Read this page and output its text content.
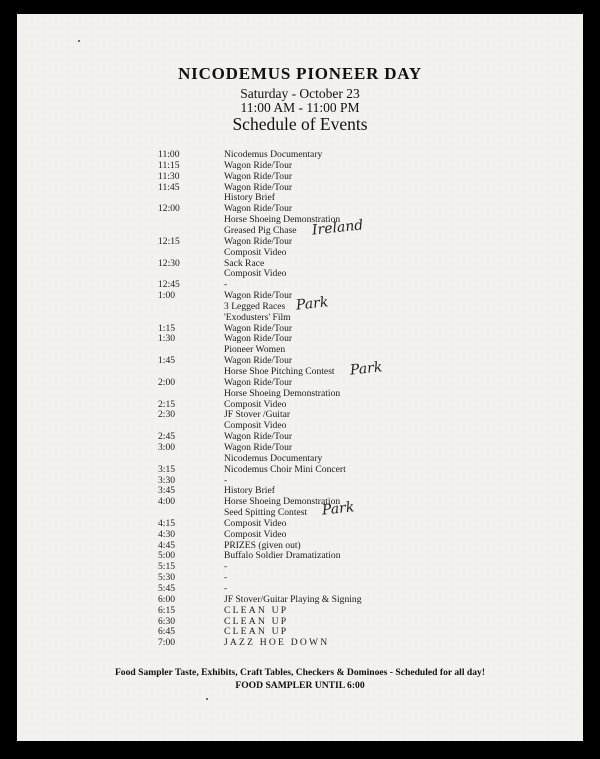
NICODEMUS PIONEER DAY
Saturday - October 23
11:00 AM - 11:00 PM
Schedule of Events
11:00	Nicodemus Documentary
11:15	Wagon Ride/Tour
11:30	Wagon Ride/Tour
11:45	Wagon Ride/Tour
History Brief
12:00	Wagon Ride/Tour
Horse Shoeing Demonstration
Greased Pig Chase
12:15	Wagon Ride/Tour
Composit Video
12:30	Sack Race
Composit Video
12:45	-
1:00	Wagon Ride/Tour
3 Legged Races
'Exodusters' Film
1:15	Wagon Ride/Tour
1:30	Wagon Ride/Tour
Pioneer Women
1:45	Wagon Ride/Tour
Horse Shoe Pitching Contest
2:00	Wagon Ride/Tour
Horse Shoeing Demonstration
2:15	Composit Video
2:30	JF Stover /Guitar
Composit Video
2:45	Wagon Ride/Tour
3:00	Wagon Ride/Tour
Nicodemus Documentary
3:15	Nicodemus Choir Mini Concert
3:30	-
3:45	History Brief
4:00	Horse Shoeing Demonstration
Seed Spitting Contest
4:15	Composit Video
4:30	Composit Video
4:45	PRIZES (given out)
5:00	Buffalo Soldier Dramatization
5:15	-
5:30	-
5:45	-
6:00	JF Stover/Guitar Playing & Signing
6:15	CLEAN UP
6:30	CLEAN UP
6:45	CLEAN UP
7:00	JAZZ HOE DOWN
Ireland
Park
Park
Park
Food Sampler Taste, Exhibits, Craft Tables, Checkers & Dominoes - Scheduled for all day!
FOOD SAMPLER UNTIL 6:00
